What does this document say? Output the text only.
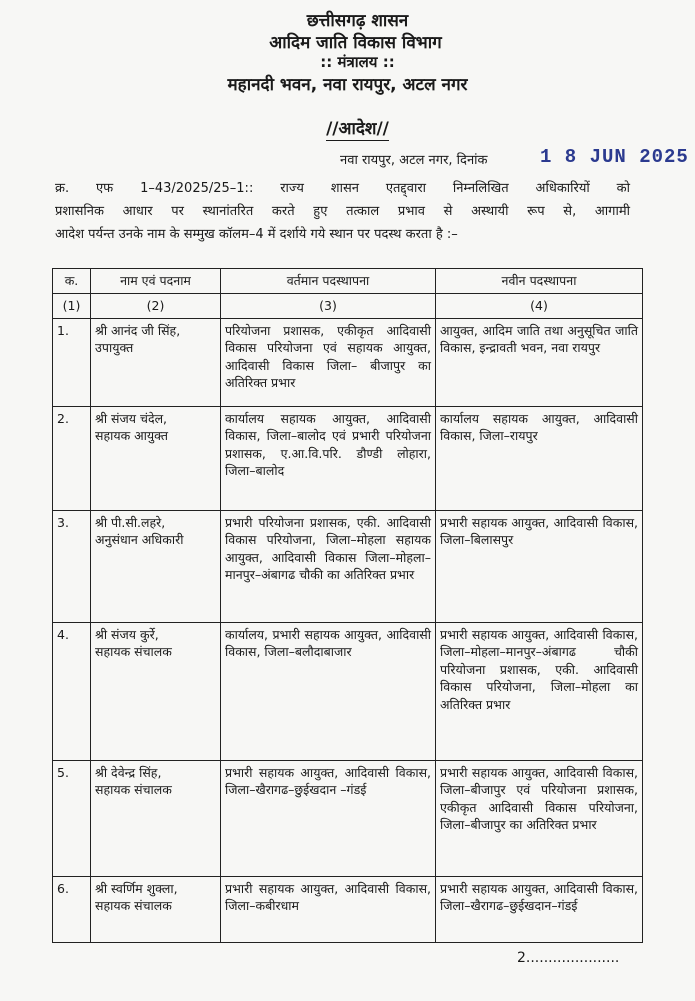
छत्तीसगढ़ शासन
आदिम जाति विकास विभाग
:: मंत्रालय ::
महानदी भवन, नवा रायपुर, अटल नगर
//आदेश//
नवा रायपुर, अटल नगर, दिनांक	1 8 JUN 2025
क्र. एफ 1–43/2025/25–1:: राज्य शासन एतद्द्वारा निम्नलिखित अधिकारियों को
प्रशासनिक आधार पर स्थानांतरित करते हुए तत्काल प्रभाव से अस्थायी रूप से, आगामी
आदेश पर्यन्त उनके नाम के सम्मुख कॉलम–4 में दर्शाये गये स्थान पर पदस्थ करता है :–
क.	नाम एवं पदनाम	वर्तमान पदस्थापना	नवीन पदस्थापना
(1)	(2)	(3)	(4)
1.	श्री आनंद जी सिंह,
उपायुक्त	परियोजना प्रशासक, एकीकृत आदिवासी विकास परियोजना एवं सहायक आयुक्त, आदिवासी विकास जिला– बीजापुर का अतिरिक्त प्रभार	आयुक्त, आदिम जाति तथा अनुसूचित जाति विकास, इन्द्रावती भवन, नवा रायपुर
2.	श्री संजय चंदेल,
सहायक आयुक्त	कार्यालय सहायक आयुक्त, आदिवासी विकास, जिला–बालोद एवं प्रभारी परियोजना प्रशासक, ए.आ.वि.परि. डौण्डी लोहारा, जिला–बालोद	कार्यालय सहायक आयुक्त, आदिवासी विकास, जिला–रायपुर
3.	श्री पी.सी.लहरे,
अनुसंधान अधिकारी	प्रभारी परियोजना प्रशासक, एकी. आदिवासी विकास परियोजना, जिला–मोहला सहायक आयुक्त, आदिवासी विकास जिला–मोहला–मानपुर–अंबागढ चौकी का अतिरिक्त प्रभार	प्रभारी सहायक आयुक्त, आदिवासी विकास, जिला–बिलासपुर
4.	श्री संजय कुर्रे,
सहायक संचालक	कार्यालय, प्रभारी सहायक आयुक्त, आदिवासी विकास, जिला–बलौदाबाजार	प्रभारी सहायक आयुक्त, आदिवासी विकास, जिला–मोहला–मानपुर–अंबागढ चौकी परियोजना प्रशासक, एकी. आदिवासी विकास परियोजना, जिला–मोहला का अतिरिक्त प्रभार
5.	श्री देवेन्द्र सिंह,
सहायक संचालक	प्रभारी सहायक आयुक्त, आदिवासी विकास, जिला–खैरागढ–छुईखदान –गंडई	प्रभारी सहायक आयुक्त, आदिवासी विकास, जिला–बीजापुर एवं परियोजना प्रशासक, एकीकृत आदिवासी विकास परियोजना, जिला–बीजापुर का अतिरिक्त प्रभार
6.	श्री स्वर्णिम शुक्ला,
सहायक संचालक	प्रभारी सहायक आयुक्त, आदिवासी विकास, जिला–कबीरधाम	प्रभारी सहायक आयुक्त, आदिवासी विकास, जिला–खैरागढ–छुईखदान–गंडई
2.....................
